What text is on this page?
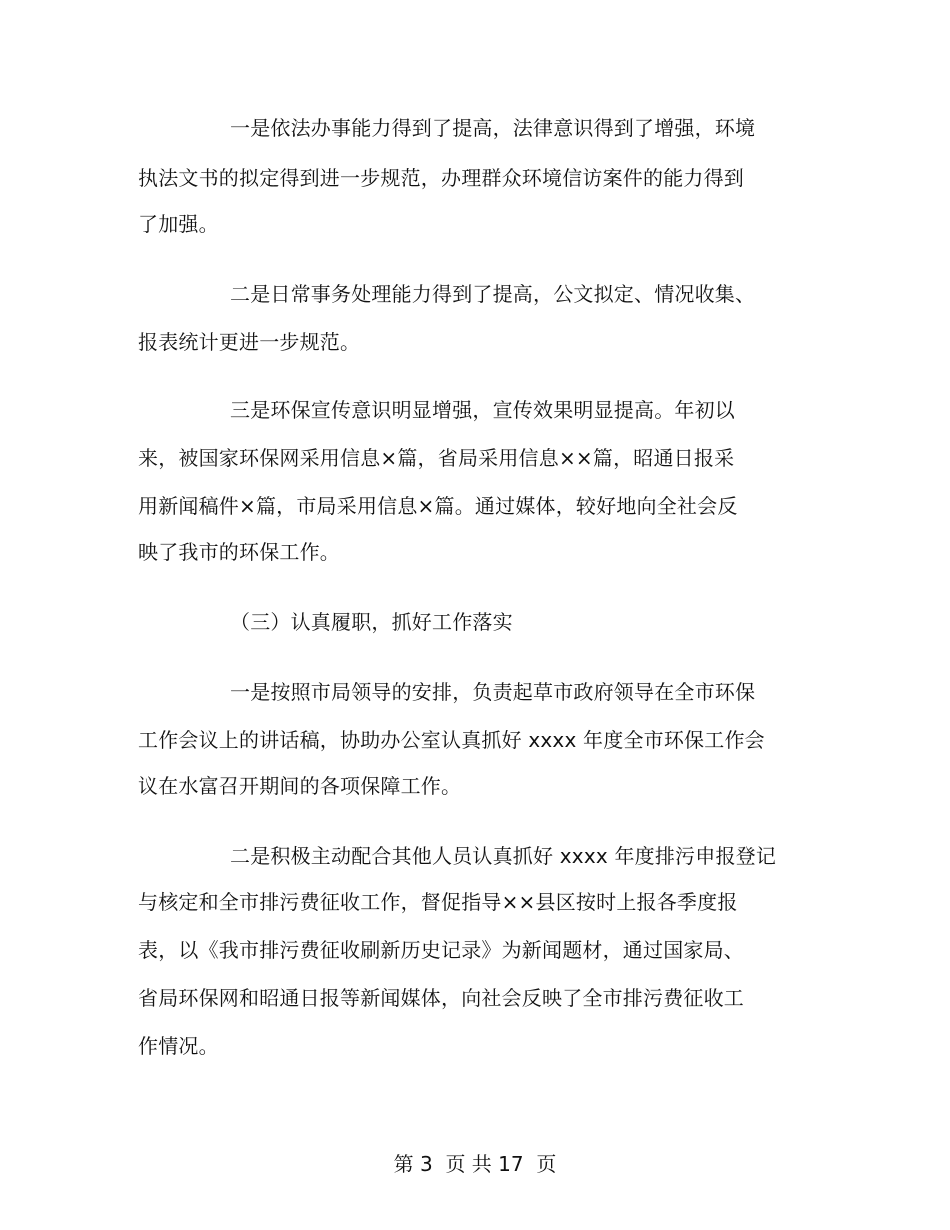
一是依法办事能力得到了提高，法律意识得到了增强，环境
执法文书的拟定得到进一步规范，办理群众环境信访案件的能力得到
了加强。
二是日常事务处理能力得到了提高，公文拟定、情况收集、
报表统计更进一步规范。
三是环保宣传意识明显增强，宣传效果明显提高。年初以
来，被国家环保网采用信息×篇，省局采用信息××篇，昭通日报采
用新闻稿件×篇，市局采用信息×篇。通过媒体，较好地向全社会反
映了我市的环保工作。
（三）认真履职，抓好工作落实
一是按照市局领导的安排，负责起草市政府领导在全市环保
工作会议上的讲话稿，协助办公室认真抓好 xxxx 年度全市环保工作会
议在水富召开期间的各项保障工作。
二是积极主动配合其他人员认真抓好 xxxx 年度排污申报登记
与核定和全市排污费征收工作，督促指导××县区按时上报各季度报
表，以《我市排污费征收刷新历史记录》为新闻题材，通过国家局、
省局环保网和昭通日报等新闻媒体，向社会反映了全市排污费征收工
作情况。
第 3  页 共 17  页
